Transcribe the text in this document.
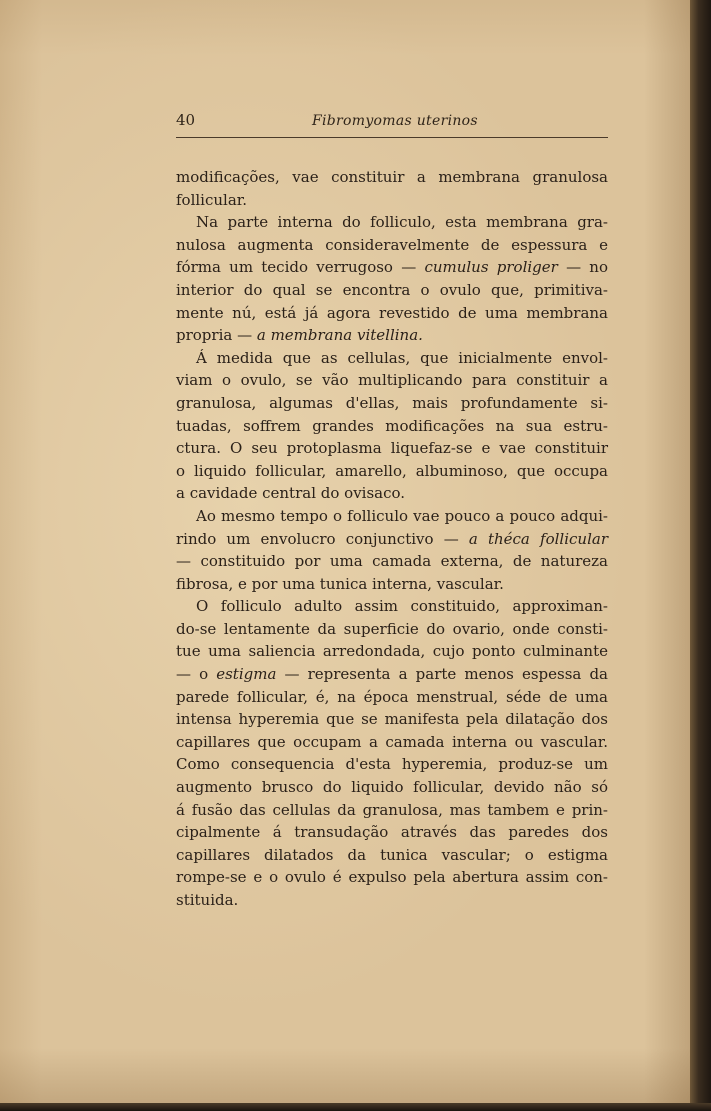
40	Fibromyomas uterinos
modificações, vae constituir a membrana granulosa
follicular.
Na parte interna do folliculo, esta membrana gra-
nulosa augmenta consideravelmente de espessura e
fórma um tecido verrugoso — cumulus proliger — no
interior do qual se encontra o ovulo que, primitiva-
mente nú, está já agora revestido de uma membrana
propria — a membrana vitellina.
Á medida que as cellulas, que inicialmente envol-
viam o ovulo, se vão multiplicando para constituir a
granulosa, algumas d'ellas, mais profundamente si-
tuadas, soffrem grandes modificações na sua estru-
ctura. O seu protoplasma liquefaz-se e vae constituir
o liquido follicular, amarello, albuminoso, que occupa
a cavidade central do ovisaco.
Ao mesmo tempo o folliculo vae pouco a pouco adqui-
rindo um envolucro conjunctivo — a théca follicular
— constituido por uma camada externa, de natureza
fibrosa, e por uma tunica interna, vascular.
O folliculo adulto assim constituido, approximan-
do-se lentamente da superficie do ovario, onde consti-
tue uma saliencia arredondada, cujo ponto culminante
— o estigma — representa a parte menos espessa da
parede follicular, é, na época menstrual, séde de uma
intensa hyperemia que se manifesta pela dilatação dos
capillares que occupam a camada interna ou vascular.
Como consequencia d'esta hyperemia, produz-se um
augmento brusco do liquido follicular, devido não só
á fusão das cellulas da granulosa, mas tambem e prin-
cipalmente á transudação através das paredes dos
capillares dilatados da tunica vascular; o estigma
rompe-se e o ovulo é expulso pela abertura assim con-
stituida.
